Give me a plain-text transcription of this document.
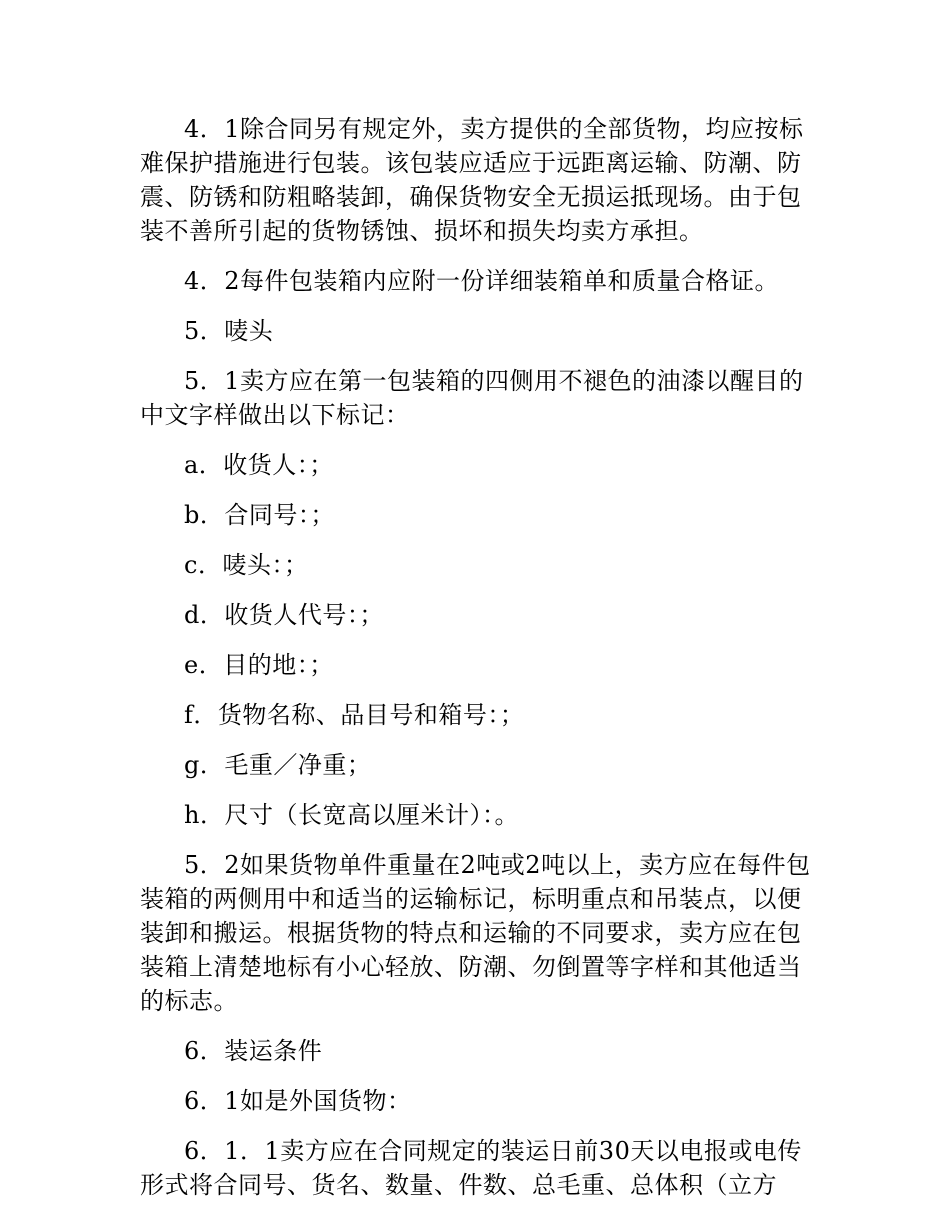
4．1除合同另有规定外，卖方提供的全部货物，均应按标难保护措施进行包装。该包装应适应于远距离运输、防潮、防震、防锈和防粗略装卸，确保货物安全无损运抵现场。由于包装不善所引起的货物锈蚀、损坏和损失均卖方承担。

4．2每件包装箱内应附一份详细装箱单和质量合格证。

5．唛头

5．1卖方应在第一包装箱的四侧用不褪色的油漆以醒目的中文字样做出以下标记：

a．收货人：；

b．合同号：；

c．唛头：；

d．收货人代号：；

e．目的地：；

f．货物名称、品目号和箱号：；

g．毛重／净重；

h．尺寸（长宽高以厘米计）：。

5．2如果货物单件重量在2吨或2吨以上，卖方应在每件包装箱的两侧用中和适当的运输标记，标明重点和吊装点，以便装卸和搬运。根据货物的特点和运输的不同要求，卖方应在包装箱上清楚地标有小心轻放、防潮、勿倒置等字样和其他适当的标志。

6．装运条件

6．1如是外国货物：

6．1．1卖方应在合同规定的装运日前30天以电报或电传形式将合同号、货名、数量、件数、总毛重、总体积（立方
